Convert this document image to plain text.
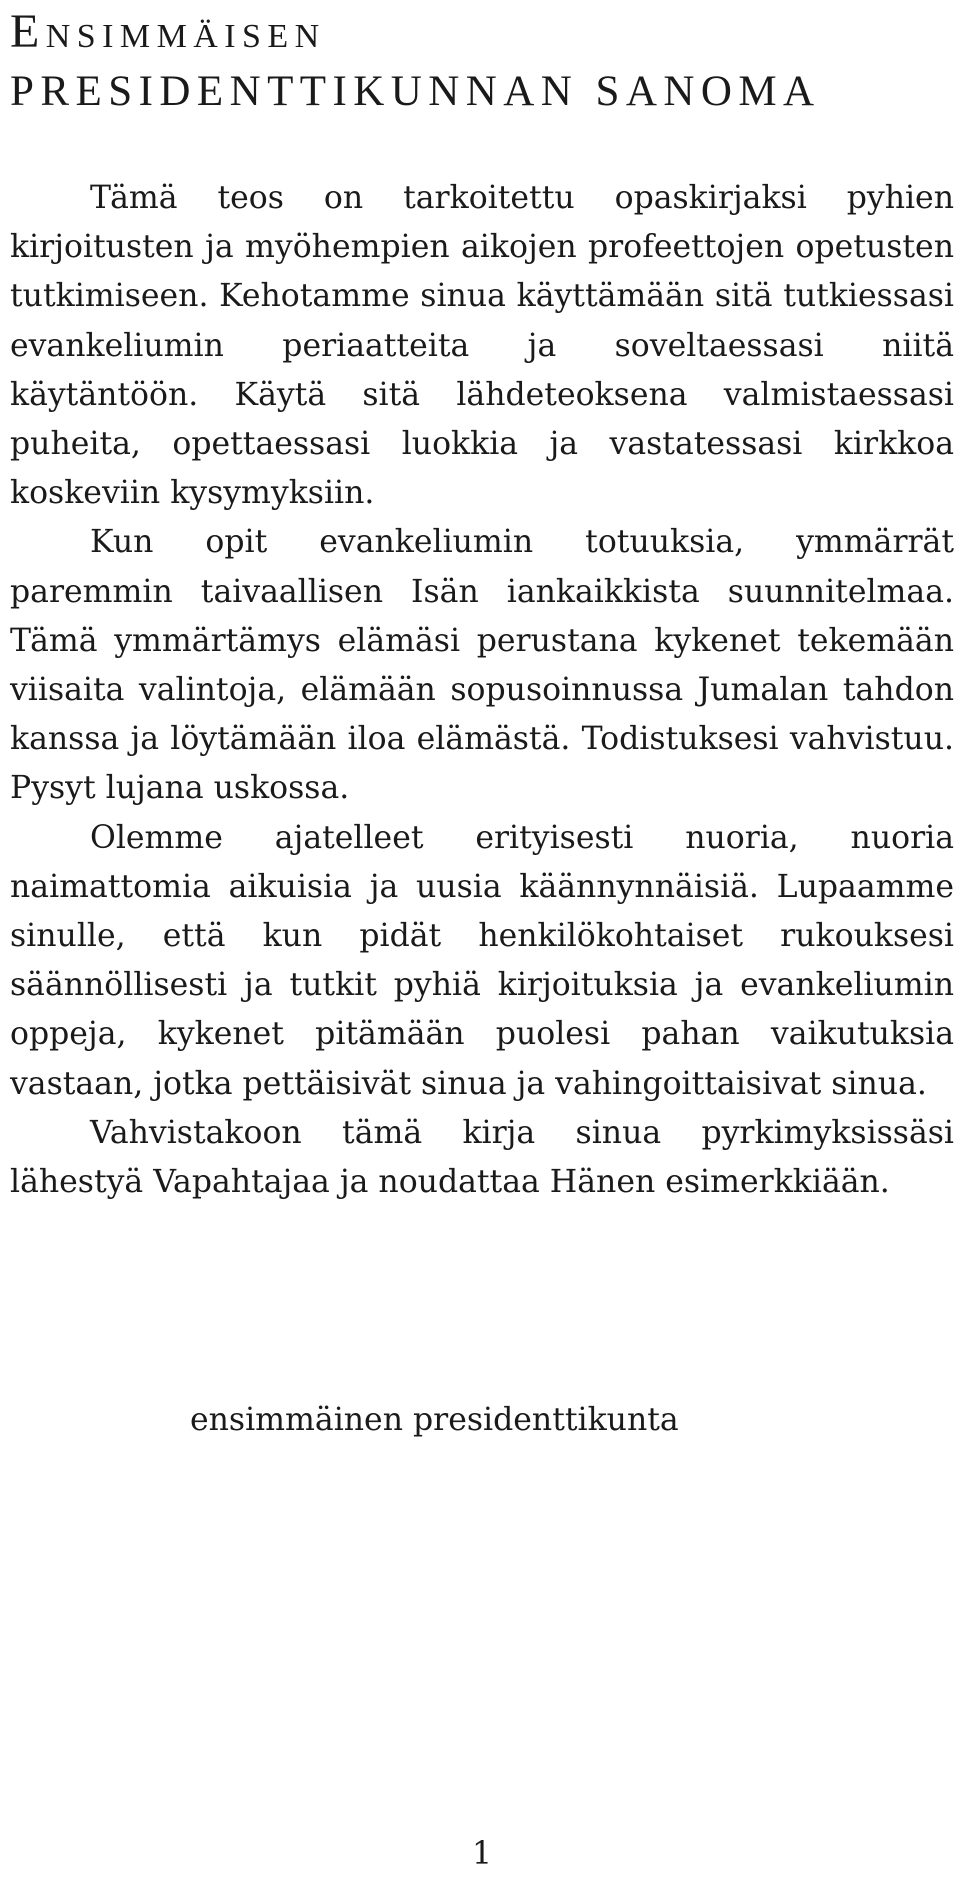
Ensimmäisen
PRESIDENTTIKUNNAN SANOMA

Tämä teos on tarkoitettu opaskirjaksi pyhien kirjoitusten ja myöhempien aikojen profeettojen opetusten tutkimiseen. Kehotamme sinua käyttämään sitä tutkiessasi evankeliumin periaatteita ja soveltaessasi niitä käytäntöön. Käytä sitä lähdeteoksena valmistaessasi puheita, opettaessasi luokkia ja vastatessasi kirkkoa koskeviin kysymyksiin.

Kun opit evankeliumin totuuksia, ymmärrät paremmin taivaallisen Isän iankaikkista suunnitelmaa. Tämä ymmärtämys elämäsi perustana kykenet tekemään viisaita valintoja, elämään sopusoinnussa Jumalan tahdon kanssa ja löytämään iloa elämästä. Todistuksesi vahvistuu. Pysyt lujana uskossa.

Olemme ajatelleet erityisesti nuoria, nuoria naimattomia aikuisia ja uusia käännynnäisiä. Lupaamme sinulle, että kun pidät henkilökohtaiset rukouksesi säännöllisesti ja tutkit pyhiä kirjoituksia ja evankeliumin oppeja, kykenet pitämään puolesi pahan vaikutuksia vastaan, jotka pettäisivät sinua ja vahingoittaisivat sinua.

Vahvistakoon tämä kirja sinua pyrkimyksissäsi lähestyä Vapahtajaa ja noudattaa Hänen esimerkkiään.

ensimmäinen presidenttikunta
1
